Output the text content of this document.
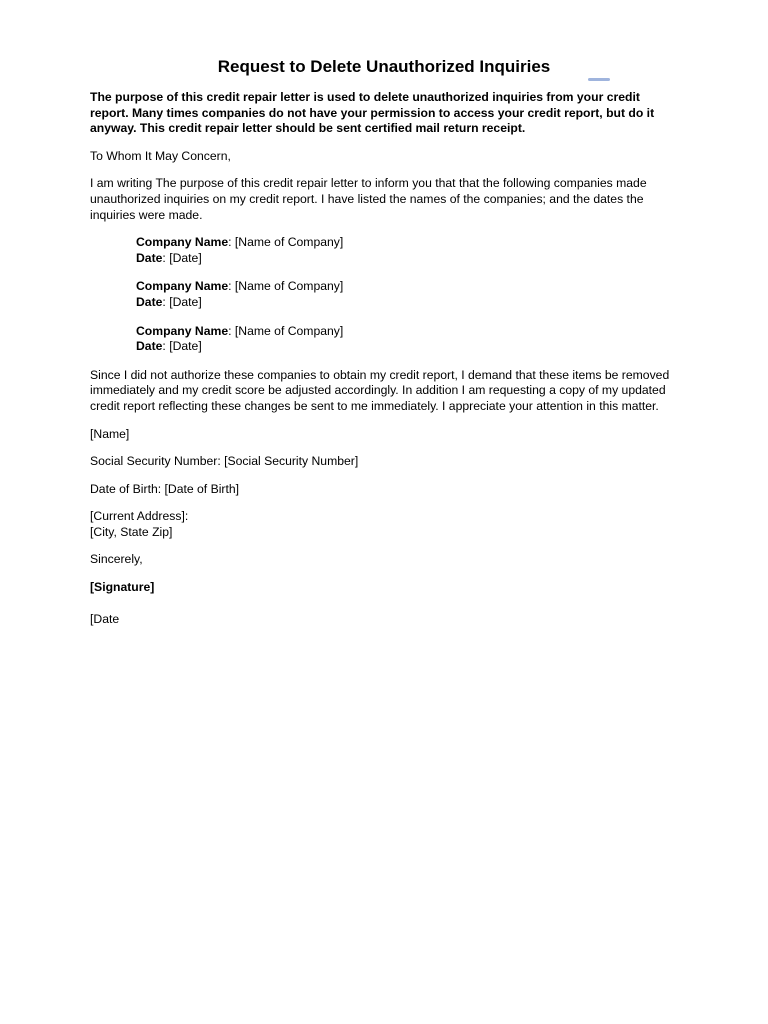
Request to Delete Unauthorized Inquiries

The purpose of this credit repair letter is used to delete unauthorized inquiries from your credit report. Many times companies do not have your permission to access your credit report, but do it anyway. This credit repair letter should be sent certified mail return receipt.

To Whom It May Concern,

I am writing The purpose of this credit repair letter to inform you that that the following companies made unauthorized inquiries on my credit report. I have listed the names of the companies; and the dates the inquiries were made.

Company Name: [Name of Company]

Date: [Date]

Company Name: [Name of Company]

Date: [Date]

Company Name: [Name of Company]

Date: [Date]

Since I did not authorize these companies to obtain my credit report, I demand that these items be removed immediately and my credit score be adjusted accordingly. In addition I am requesting a copy of my updated credit report reflecting these changes be sent to me immediately. I appreciate your attention in this matter.

[Name]

Social Security Number: [Social Security Number]

Date of Birth: [Date of Birth]

[Current Address]:

[City, State Zip]

Sincerely,

[Signature]

[Date
